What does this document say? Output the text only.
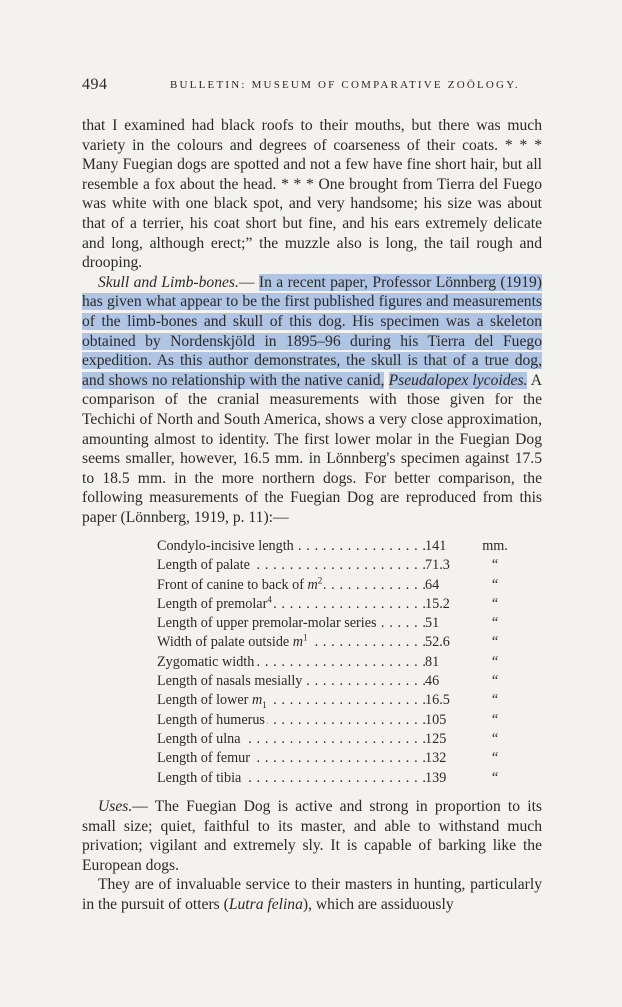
494	BULLETIN: MUSEUM OF COMPARATIVE ZOÖLOGY.

that I examined had black roofs to their mouths, but there was much variety in the colours and degrees of coarseness of their coats. * * * Many Fuegian dogs are spotted and not a few have fine short hair, but all resemble a fox about the head. * * * One brought from Tierra del Fuego was white with one black spot, and very handsome; his size was about that of a terrier, his coat short but fine, and his ears extremely delicate and long, although erect;” the muzzle also is long, the tail rough and drooping.

Skull and Limb-bones.— In a recent paper, Professor Lönnberg (1919) has given what appear to be the first published figures and measurements of the limb-bones and skull of this dog. His specimen was a skeleton obtained by Nordenskjöld in 1895–96 during his Tierra del Fuego expedition. As this author demonstrates, the skull is that of a true dog, and shows no relationship with the native canid, Pseudalopex lycoides. A comparison of the cranial measurements with those given for the Techichi of North and South America, shows a very close approximation, amounting almost to identity. The first lower molar in the Fuegian Dog seems smaller, however, 16.5 mm. in Lönnberg's specimen against 17.5 to 18.5 mm. in the more northern dogs. For better comparison, the following measurements of the Fuegian Dog are reproduced from this paper (Lönnberg, 1919, p. 11):—

Condylo-incisive length . . .	141	mm.
Length of palate . . .	71.3	“
Front of canine to back of $m^2$ . . .	64	“
Length of premolar$^4$ . . .	15.2	“
Length of upper premolar-molar series . . .	51	“
Width of palate outside $m^1$ . . .	52.6	“
Zygomatic width . . .	81	“
Length of nasals mesially . . .	46	“
Length of lower $m_1$ . . .	16.5	“
Length of humerus . . .	105	“
Length of ulna . . .	125	“
Length of femur . . .	132	“
Length of tibia . . .	139	“

Uses.— The Fuegian Dog is active and strong in proportion to its small size; quiet, faithful to its master, and able to withstand much privation; vigilant and extremely sly. It is capable of barking like the European dogs.

They are of invaluable service to their masters in hunting, particularly in the pursuit of otters (Lutra felina), which are assiduously
